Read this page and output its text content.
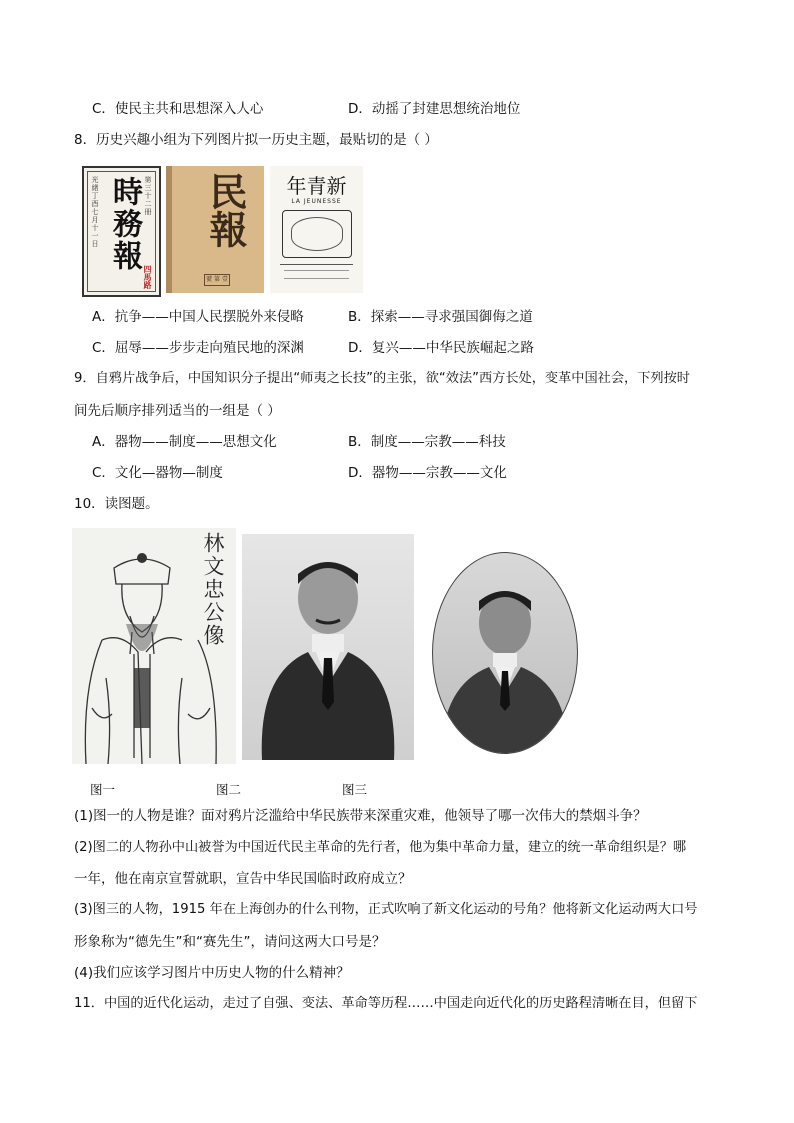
C．使民主共和思想深入人心	D．动摇了封建思想统治地位
8．历史兴趣小组为下列图片拟一历史主题，最贴切的是（ ）
光緒丁酉七月十一日 時務報 第三十二冊
四馬路
民報
號 第 壹
新青年
LA JEUNESSE
A．抗争——中国人民摆脱外来侵略	B．探索——寻求强国御侮之道
C．屈辱——步步走向殖民地的深渊	D．复兴——中华民族崛起之路
9．自鸦片战争后，中国知识分子提出“师夷之长技”的主张，欲“效法”西方长处，变革中国社会，下列按时
间先后顺序排列适当的一组是（ ）
A．器物——制度——思想文化	B．制度——宗教——科技
C．文化—器物—制度	D．器物——宗教——文化
10．读图题。
林文忠公像
图一	图二	图三
(1)图一的人物是谁？面对鸦片泛滥给中华民族带来深重灾难，他领导了哪一次伟大的禁烟斗争？
(2)图二的人物孙中山被誉为中国近代民主革命的先行者，他为集中革命力量，建立的统一革命组织是？哪
一年，他在南京宣誓就职，宣告中华民国临时政府成立？
(3)图三的人物，1915 年在上海创办的什么刊物，正式吹响了新文化运动的号角？他将新文化运动两大口号
形象称为“德先生”和“赛先生”，请问这两大口号是？
(4)我们应该学习图片中历史人物的什么精神？
11．中国的近代化运动，走过了自强、变法、革命等历程……中国走向近代化的历史路程清晰在目，但留下
